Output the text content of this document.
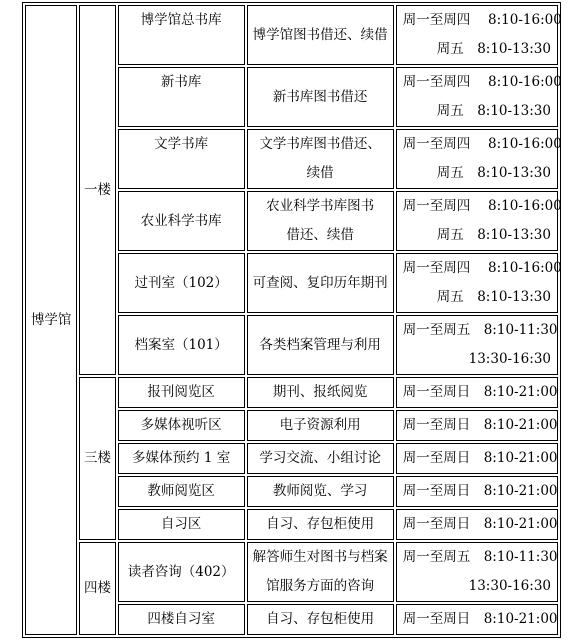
博学馆	一楼	博学馆总书库	博学馆图书借还、续借	周一至周四　 8:10-16:00
周五　8:10-13:30

		新书库	新书库图书借还	周一至周四　 8:10-16:00
周五　8:10-13:30

		文学书库	文学书库图书借还、
续借	周一至周四　 8:10-16:00
周五　8:10-13:30

		农业科学书库	农业科学书库图书
借还、续借	周一至周四　 8:10-16:00
周五　8:10-13:30

		过刊室（102）	可查阅、复印历年期刊	周一至周四　 8:10-16:00
周五　8:10-13:30

		档案室（101）	各类档案管理与利用	周一至周五　8:10-11:30
13:30-16:30

	三楼	报刊阅览区	期刊、报纸阅览	周一至周日　8:10-21:00

		多媒体视听区	电子资源利用	周一至周日　8:10-21:00

		多媒体预约 1 室	学习交流、小组讨论	周一至周日　8:10-21:00

		教师阅览区	教师阅览、学习	周一至周日　8:10-21:00

		自习区	自习、存包柜使用	周一至周日　8:10-21:00

	四楼	读者咨询（402）	解答师生对图书与档案
馆服务方面的咨询	周一至周五　8:10-11:30
13:30-16:30

		四楼自习室	自习、存包柜使用	周一至周日　8:10-21:00
